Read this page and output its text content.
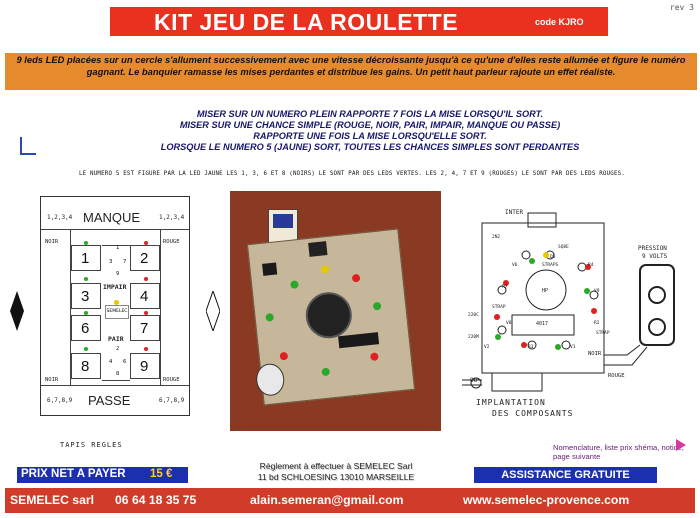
KIT JEU DE LA ROULETTE	code KJRO
rev 3
9 leds LED placées sur un cercle s'allument successivement avec une vitesse décroissante jusqu'à ce qu'une d'elles reste allumée et figure le numéro gagnant. Le banquier ramasse les mises perdantes et distribue les gains. Un petit haut parleur rajoute un effet réaliste.
MISER SUR UN NUMERO PLEIN RAPPORTE 7 FOIS LA MISE LORSQU'IL SORT.
MISER SUR UNE CHANCE SIMPLE (ROUGE, NOIR, PAIR, IMPAIR, MANQUE OU PASSE)
RAPPORTE UNE FOIS LA MISE LORSQU'ELLE SORT.
LORSQUE LE NUMERO 5 (JAUNE) SORT, TOUTES LES CHANCES SIMPLES SONT PERDANTES
LE NUMERO 5 EST FIGURE PAR LA LED JAUNE LES 1, 3, 6 ET 8 (NOIRS) LE SONT PAR DES LEDS VERTES. LES 2, 4, 7 ET 9 (ROUGES) LE SONT PAR DES LEDS ROUGES.
1,2,3,4 MANQUE	1,2,3,4
NOIR	ROUGE
NOIR	ROUGE
1	2
3	4
6	7
8	9
1
3 7
9
IMPAIR
SEMELEC
PAIR
2
4 6
8
6,7,8,9 PASSE	6,7,8,9
TAPIS REGLES
INTER
PRESSION
9 VOLTS
NOIR
ROUGE
OU
IMPLANTATION
DES COMPOSANTS
D5
STRAPS	R4
V6
R7
HP	V9
STRAP
220C
V8	4017	R2
R3	V1
STRAP
220M
V2
SQ8E
2N2
Nomenclature, liste prix shéma, notice, page suivante
PRIX NET A PAYER 15 €
Règlement à effectuer à SEMELEC Sarl
11 bd SCHLOESING 13010 MARSEILLE	ASSISTANCE GRATUITE
SEMELEC sarl 06 64 18 35 75	alain.semeran@gmail.com	www.semelec-provence.com
